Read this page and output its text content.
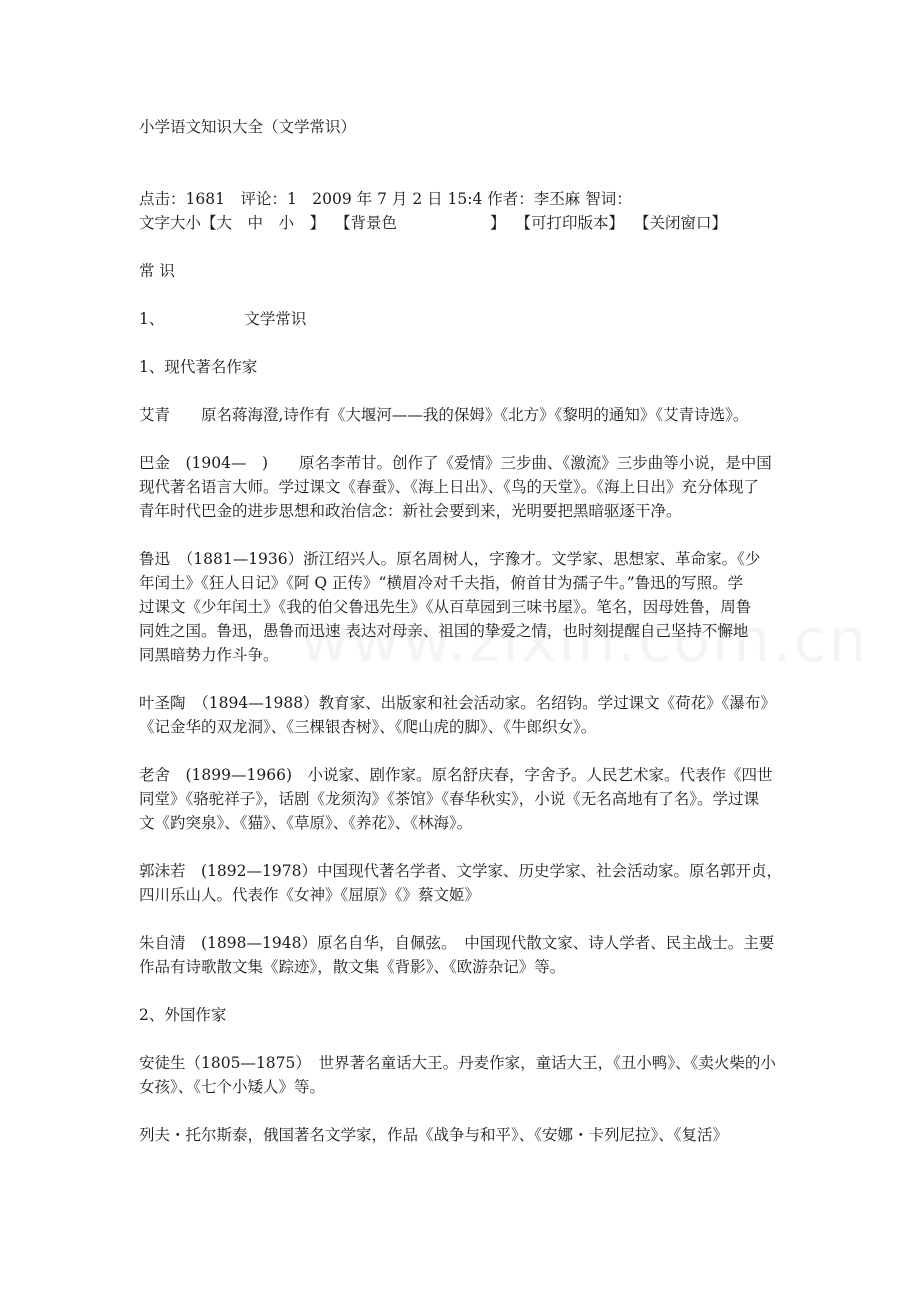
小学语文知识大全（文学常识）
点击：1681　评论：1　2009 年 7 月 2 日 15:4 作者：李丕麻 智词：
文字大小【大　中　小　】 【背景色　　　　　　】 【可打印版本】 【关闭窗口】
常 识
1、	文学常识
1、现代著名作家
艾青　　原名蒋海澄,诗作有《大堰河——我的保姆》《北方》《黎明的通知》《艾青诗选》。
巴金　(1904—　)　　原名李芾甘。创作了《爱情》三步曲、《激流》三步曲等小说，是中国
现代著名语言大师。学过课文《春蚕》、《海上日出》、《鸟的天堂》。《海上日出》充分体现了
青年时代巴金的进步思想和政治信念：新社会要到来，光明要把黑暗驱逐干净。
鲁迅　（1881—1936）浙江绍兴人。原名周树人，字豫才。文学家、思想家、革命家。《少
年闰土》《狂人日记》《阿 Q 正传》“横眉冷对千夫指，俯首甘为孺子牛。”鲁迅的写照。学
过课文《少年闰土》《我的伯父鲁迅先生》《从百草园到三味书屋》。笔名，因母姓鲁，周鲁
同姓之国。鲁迅，愚鲁而迅速 表达对母亲、祖国的挚爱之情，也时刻提醒自己坚持不懈地
同黑暗势力作斗争。
叶圣陶　（1894—1988）教育家、出版家和社会活动家。名绍钧。学过课文《荷花》《瀑布》
《记金华的双龙洞》、《三棵银杏树》、《爬山虎的脚》、《牛郎织女》。
老舍　(1899—1966)　小说家、剧作家。原名舒庆春，字舍予。人民艺术家。代表作《四世
同堂》《骆驼祥子》，话剧《龙须沟》《茶馆》《春华秋实》，小说《无名高地有了名》。学过课
文《趵突泉》、《猫》、《草原》、《养花》、《林海》。
郭沫若　(1892—1978）中国现代著名学者、文学家、历史学家、社会活动家。原名郭开贞，
四川乐山人。代表作《女神》《屈原》《》蔡文姬》
朱自清　(1898—1948）原名自华，自佩弦。　中国现代散文家、诗人学者、民主战士。主要
作品有诗歌散文集《踪迹》，散文集《背影》、《欧游杂记》等。
2、外国作家
安徒生（1805—1875）　世界著名童话大王。丹麦作家，童话大王，《丑小鸭》、《卖火柴的小
女孩》、《七个小矮人》等。
列夫・托尔斯泰，俄国著名文学家，作品《战争与和平》、《安娜・卡列尼拉》、《复活》
